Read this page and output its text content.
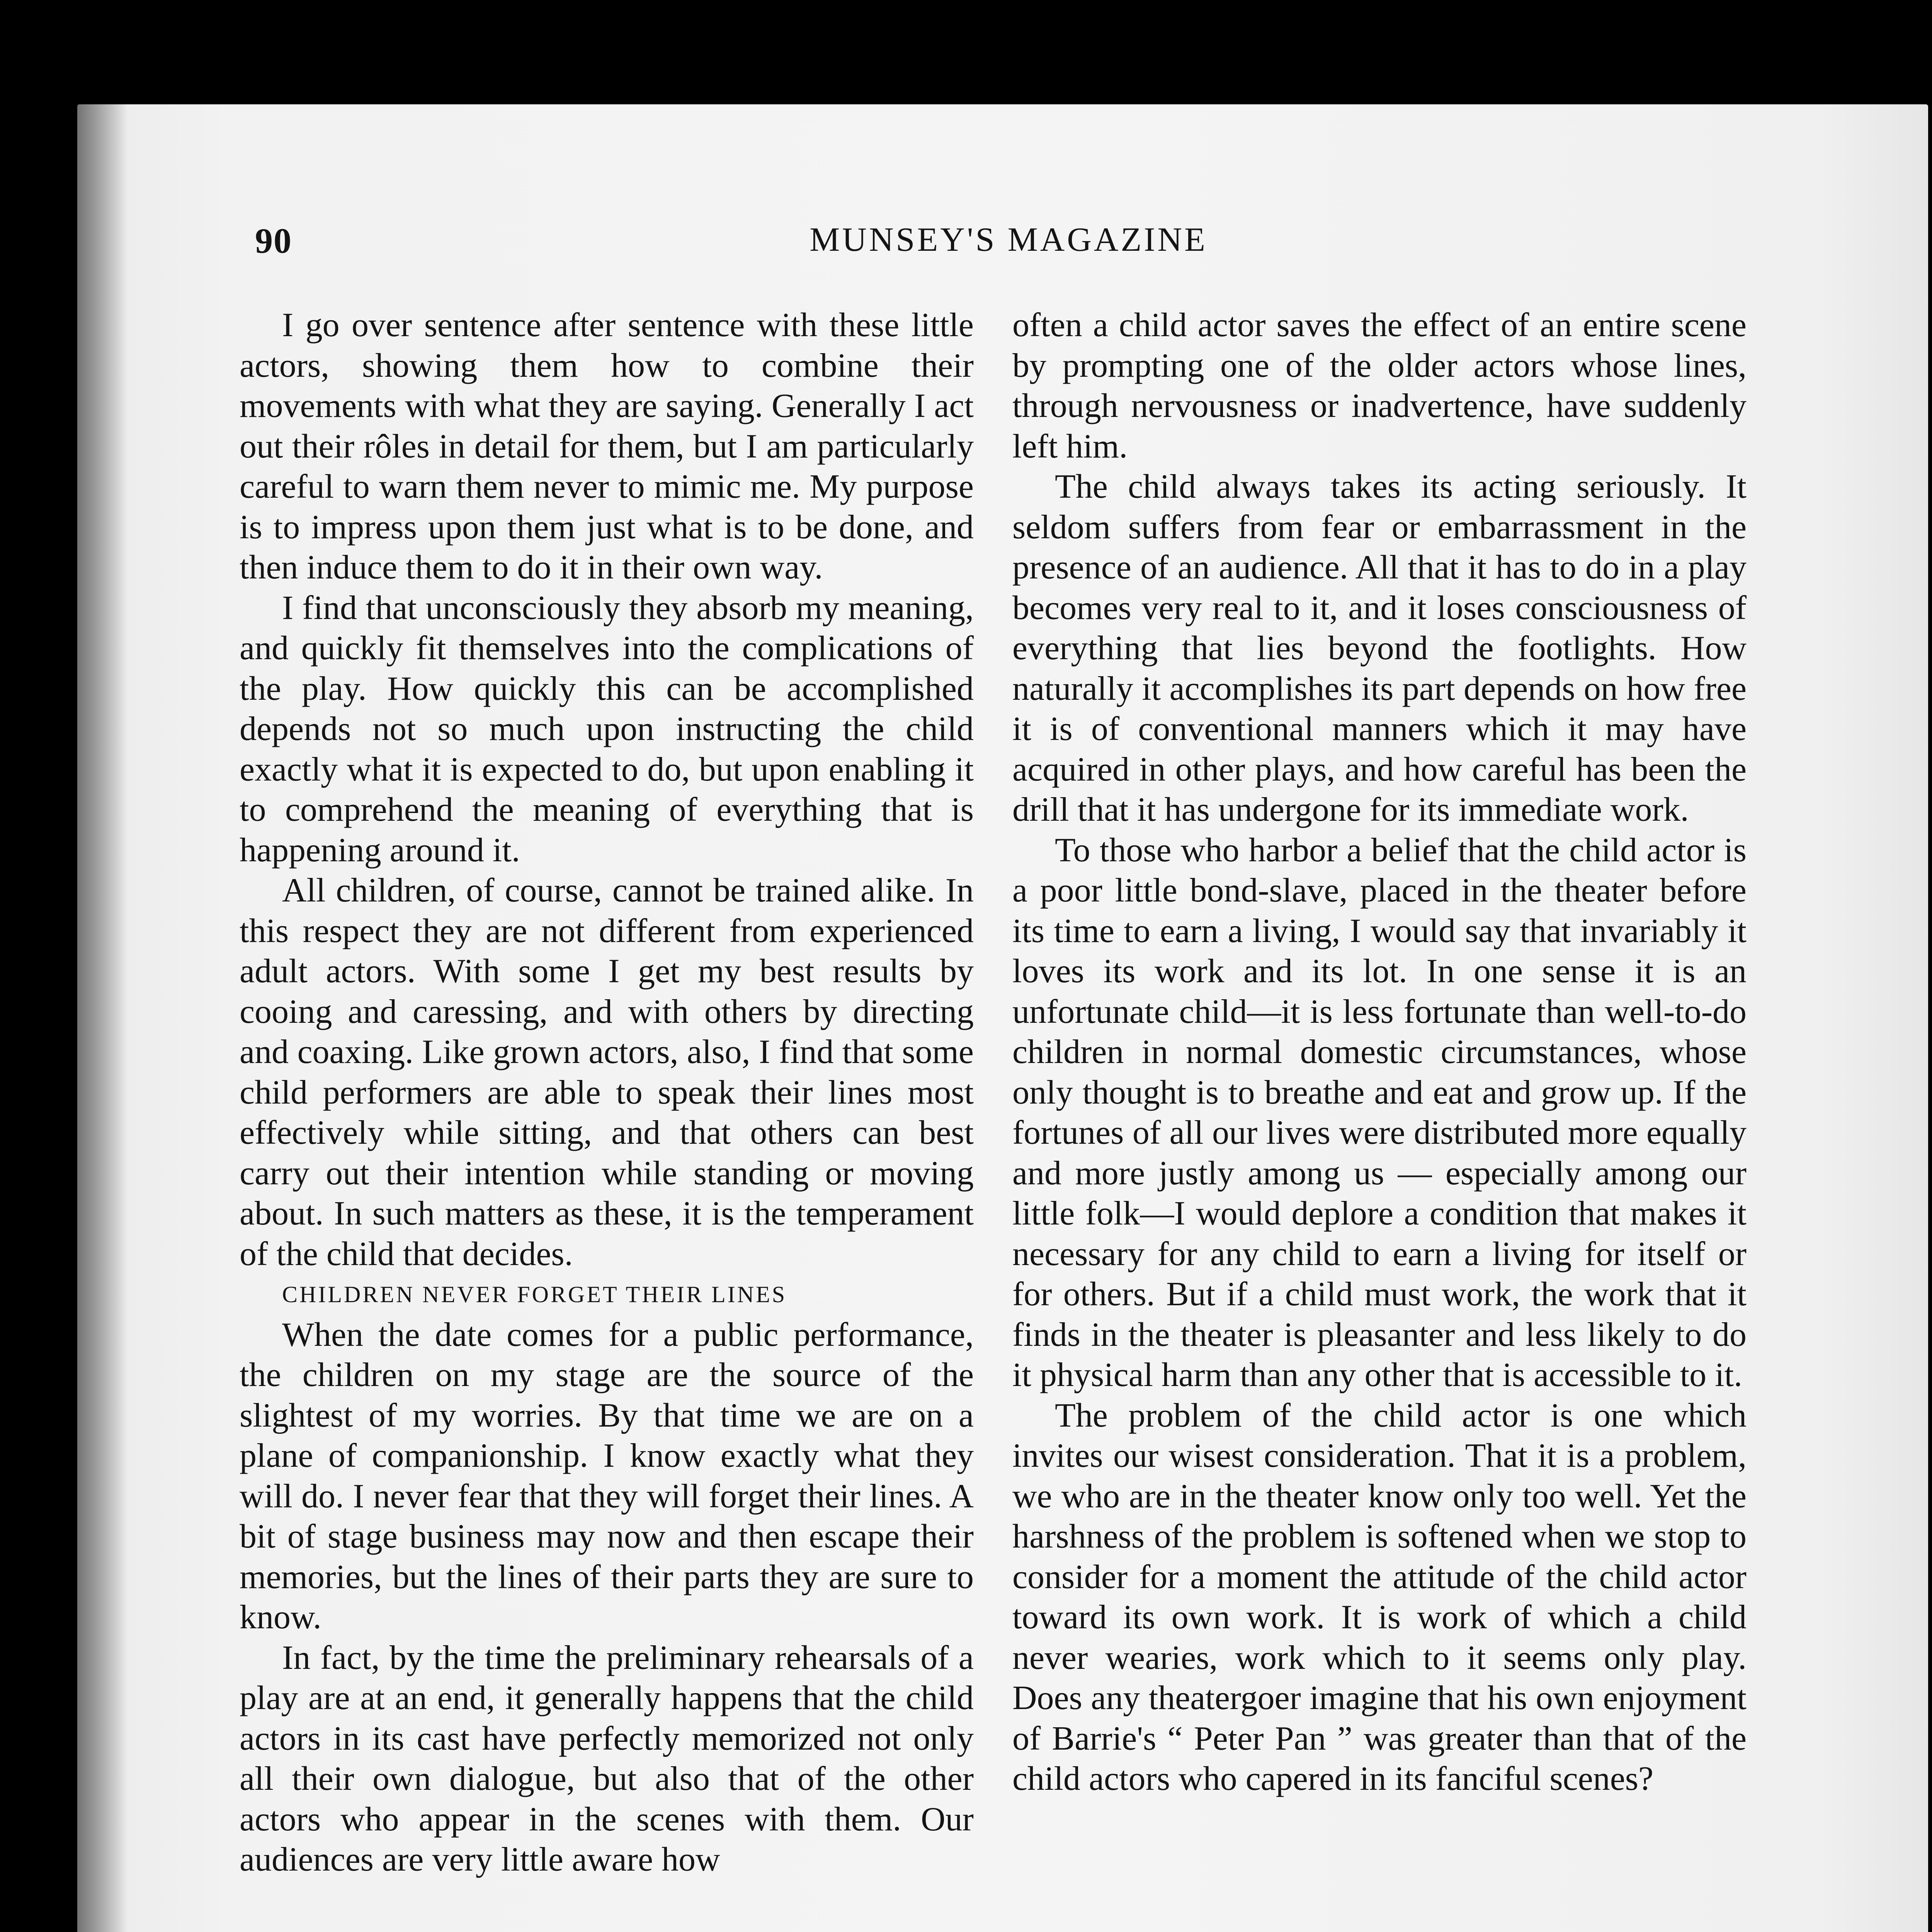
90	MUNSEY'S MAGAZINE

I go over sentence after sentence with these little actors, showing them how to combine their movements with what they are saying. Generally I act out their rôles in detail for them, but I am particularly careful to warn them never to mimic me. My purpose is to impress upon them just what is to be done, and then induce them to do it in their own way.

I find that unconsciously they absorb my meaning, and quickly fit themselves into the complications of the play. How quickly this can be accomplished depends not so much upon instructing the child exactly what it is expected to do, but upon enabling it to comprehend the meaning of everything that is happening around it.

All children, of course, cannot be trained alike. In this respect they are not different from experienced adult actors. With some I get my best results by cooing and caressing, and with others by directing and coaxing. Like grown actors, also, I find that some child performers are able to speak their lines most effectively while sitting, and that others can best carry out their intention while standing or moving about. In such matters as these, it is the temperament of the child that decides.

CHILDREN NEVER FORGET THEIR LINES

When the date comes for a public performance, the children on my stage are the source of the slightest of my worries. By that time we are on a plane of companionship. I know exactly what they will do. I never fear that they will forget their lines. A bit of stage business may now and then escape their memories, but the lines of their parts they are sure to know.

In fact, by the time the preliminary rehearsals of a play are at an end, it generally happens that the child actors in its cast have perfectly memorized not only all their own dialogue, but also that of the other actors who appear in the scenes with them. Our audiences are very little aware how

often a child actor saves the effect of an entire scene by prompting one of the older actors whose lines, through nervousness or inadvertence, have suddenly left him.

The child always takes its acting seriously. It seldom suffers from fear or embarrassment in the presence of an audience. All that it has to do in a play becomes very real to it, and it loses consciousness of everything that lies beyond the footlights. How naturally it accomplishes its part depends on how free it is of conventional manners which it may have acquired in other plays, and how careful has been the drill that it has undergone for its immediate work.

To those who harbor a belief that the child actor is a poor little bond-slave, placed in the theater before its time to earn a living, I would say that invariably it loves its work and its lot. In one sense it is an unfortunate child—it is less fortunate than well-to-do children in normal domestic circumstances, whose only thought is to breathe and eat and grow up. If the fortunes of all our lives were distributed more equally and more justly among us — especially among our little folk—I would deplore a condition that makes it necessary for any child to earn a living for itself or for others. But if a child must work, the work that it finds in the theater is pleasanter and less likely to do it physical harm than any other that is accessible to it.

The problem of the child actor is one which invites our wisest consideration. That it is a problem, we who are in the theater know only too well. Yet the harshness of the problem is softened when we stop to consider for a moment the attitude of the child actor toward its own work. It is work of which a child never wearies, work which to it seems only play. Does any theatergoer imagine that his own enjoyment of Barrie's “ Peter Pan ” was greater than that of the child actors who capered in its fanciful scenes?
